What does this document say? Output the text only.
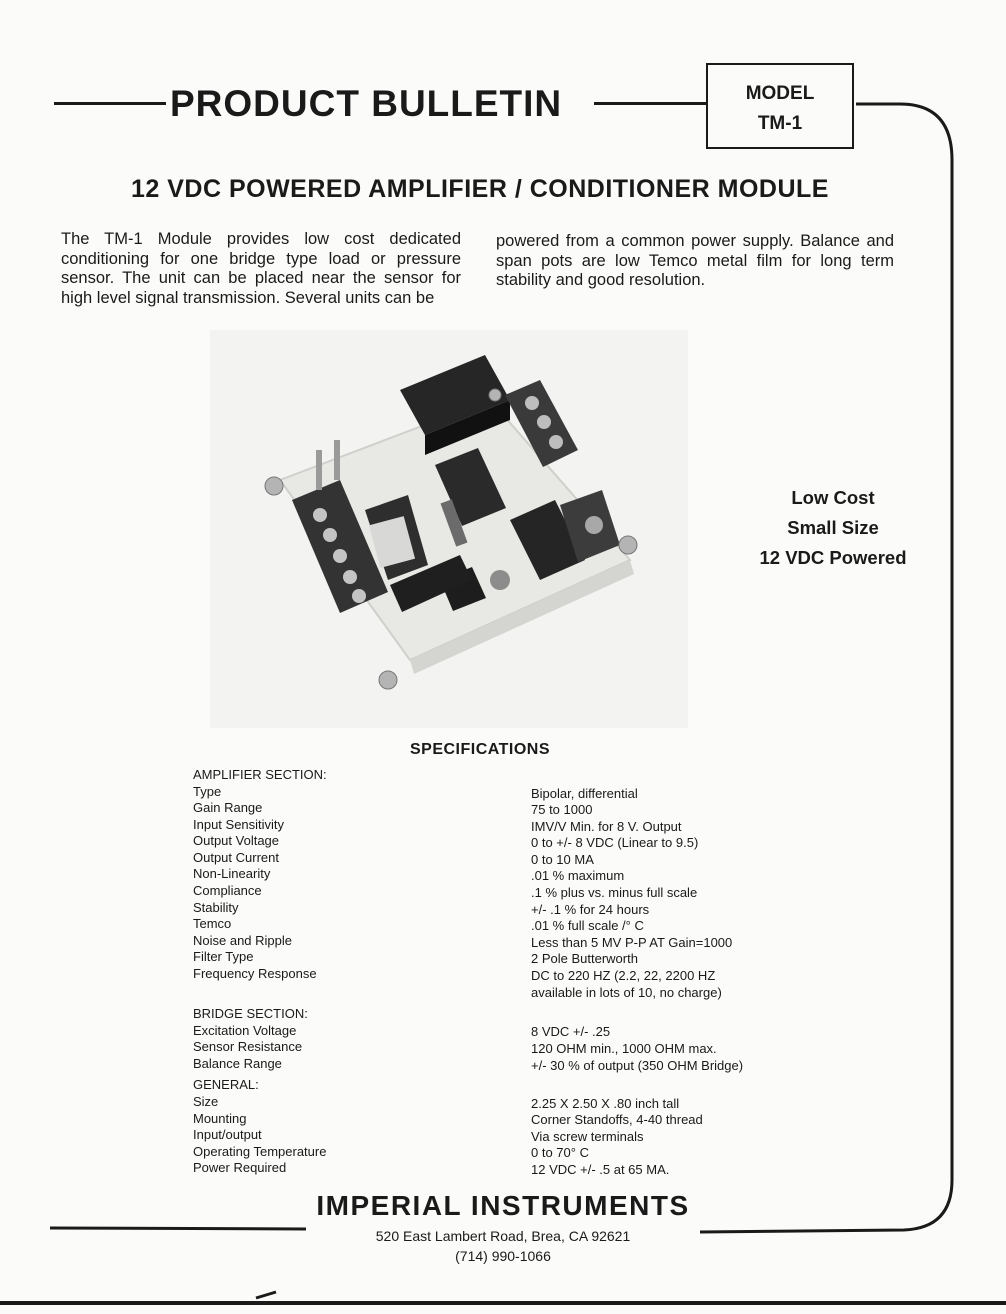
PRODUCT BULLETIN	MODEL
TM-1
12 VDC POWERED AMPLIFIER / CONDITIONER MODULE
The TM-1 Module provides low cost dedicated conditioning for one bridge type load or pressure sensor. The unit can be placed near the sensor for high level signal transmission. Several units can be
powered from a common power supply. Balance and span pots are low Temco metal film for long term stability and good resolution.
Low Cost
Small Size
12 VDC Powered
SPECIFICATIONS
AMPLIFIER SECTION:
Type	Bipolar, differential
Gain Range	75 to 1000
Input Sensitivity	IMV/V Min. for 8 V. Output
Output Voltage	0 to +/- 8 VDC (Linear to 9.5)
Output Current	0 to 10 MA
Non-Linearity	.01 % maximum
Compliance	.1 % plus vs. minus full scale
Stability	+/- .1 % for 24 hours
Temco	.01 % full scale /° C
Noise and Ripple	Less than 5 MV P-P AT Gain=1000
Filter Type	2 Pole Butterworth
Frequency Response	DC to 220 HZ (2.2, 22, 2200 HZ
available in lots of 10, no charge)
BRIDGE SECTION:
Excitation Voltage	8 VDC +/- .25
Sensor Resistance	120 OHM min., 1000 OHM max.
Balance Range	+/- 30 % of output (350 OHM Bridge)
GENERAL:
Size	2.25 X 2.50 X .80 inch tall
Mounting	Corner Standoffs, 4-40 thread
Input/output	Via screw terminals
Operating Temperature	0 to 70° C
Power Required	12 VDC +/- .5 at 65 MA.
IMPERIAL INSTRUMENTS
520 East Lambert Road, Brea, CA 92621
(714) 990-1066
